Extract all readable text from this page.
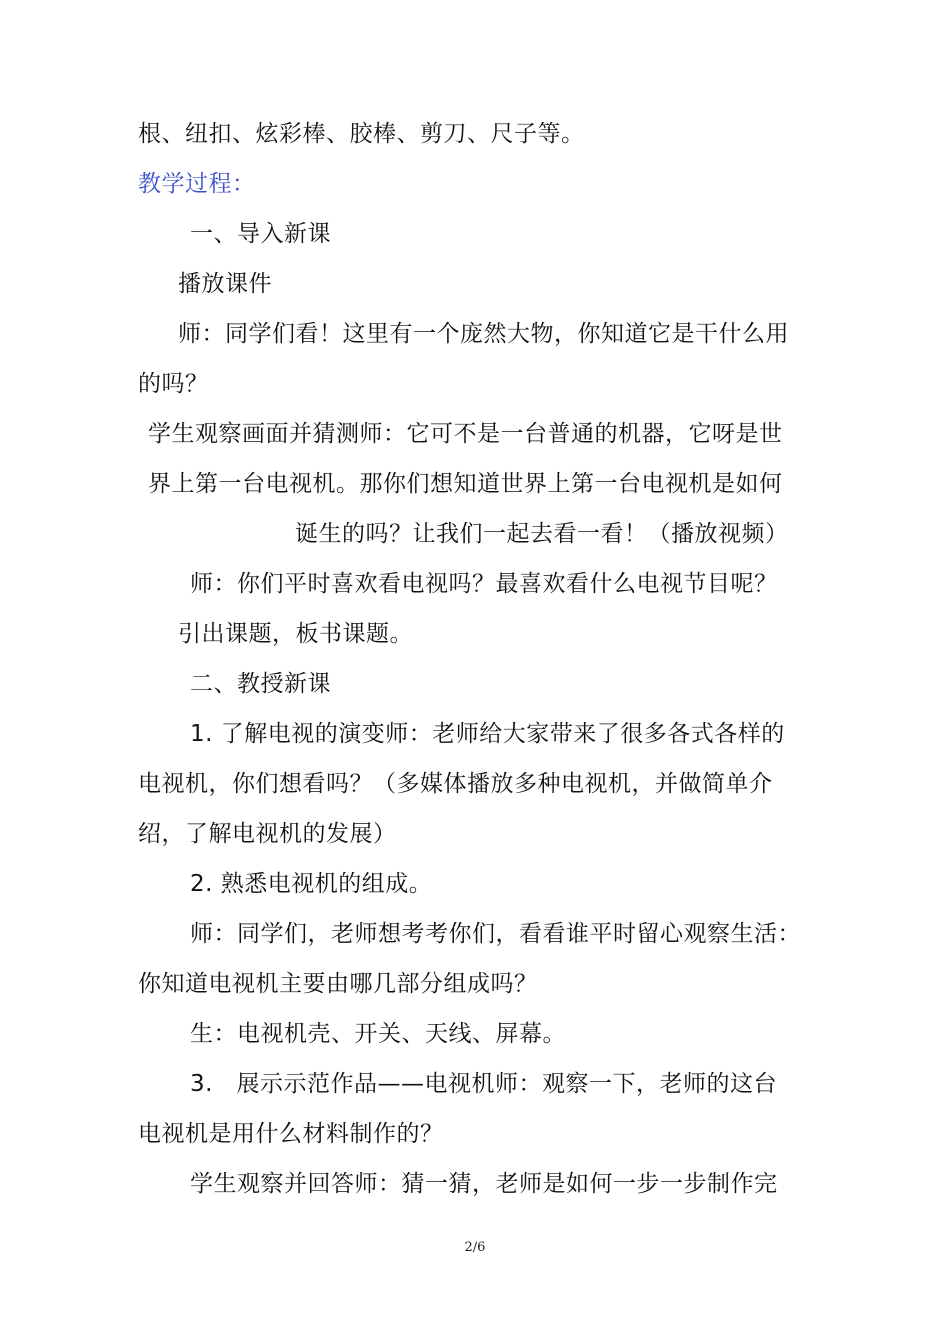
根、纽扣、炫彩棒、胶棒、剪刀、尺子等。
教学过程：
一、导入新课
播放课件
师：同学们看！这里有一个庞然大物，你知道它是干什么用
的吗？
学生观察画面并猜测师：它可不是一台普通的机器，它呀是世
界上第一台电视机。那你们想知道世界上第一台电视机是如何
诞生的吗？让我们一起去看一看！（播放视频）
师：你们平时喜欢看电视吗？最喜欢看什么电视节目呢？
引出课题，板书课题。
二、教授新课
1. 了解电视的演变师：老师给大家带来了很多各式各样的
电视机，你们想看吗？（多媒体播放多种电视机，并做简单介
绍，了解电视机的发展）
2. 熟悉电视机的组成。
师：同学们，老师想考考你们，看看谁平时留心观察生活：
你知道电视机主要由哪几部分组成吗？
生：电视机壳、开关、天线、屏幕。
3.　展示示范作品——电视机师：观察一下，老师的这台
电视机是用什么材料制作的？
学生观察并回答师：猜一猜，老师是如何一步一步制作完
2/6
